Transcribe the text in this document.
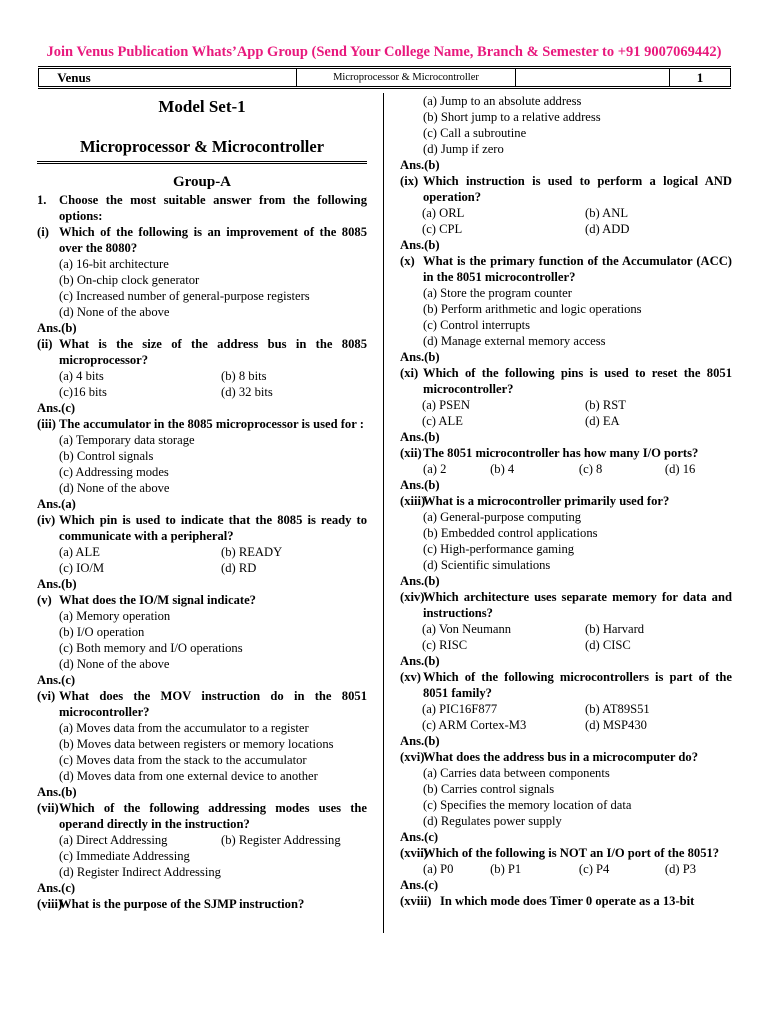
Join Venus Publication Whats’App Group (Send Your College Name, Branch & Semester to +91 9007069442)
Venus	Microprocessor & Microcontroller	1
Model Set-1
Microprocessor & Microcontroller
Group-A
1. Choose the most suitable answer from the following options:
(i) Which of the following is an improvement of the 8085 over the 8080?
(a) 16-bit architecture
(b) On-chip clock generator
(c) Increased number of general-purpose registers
(d) None of the above
Ans.(b)
(ii) What is the size of the address bus in the 8085 microprocessor?
(a) 4 bits	(b) 8 bits
(c)16 bits	(d) 32 bits
Ans.(c)
(iii) The accumulator in the 8085 microprocessor is used for :
(a) Temporary data storage
(b) Control signals
(c) Addressing modes
(d) None of the above
Ans.(a)
(iv) Which pin is used to indicate that the 8085 is ready to communicate with a peripheral?
(a) ALE	(b) READY
(c) IO/M	(d) RD
Ans.(b)
(v) What does the IO/M signal indicate?
(a) Memory operation
(b) I/O operation
(c) Both memory and I/O operations
(d) None of the above
Ans.(c)
(vi) What does the MOV instruction do in the 8051 microcontroller?
(a) Moves data from the accumulator to a register
(b) Moves data between registers or memory locations
(c) Moves data from the stack to the accumulator
(d) Moves data from one external device to another
Ans.(b)
(vii) Which of the following addressing modes uses the operand directly in the instruction?
(a) Direct Addressing	(b) Register Addressing
(c) Immediate Addressing
(d) Register Indirect Addressing
Ans.(c)
(viii)
What is the purpose of the SJMP instruction?
(a) Jump to an absolute address
(b) Short jump to a relative address
(c) Call a subroutine
(d) Jump if zero
Ans.(b)
(ix) Which instruction is used to perform a logical AND operation?
(a) ORL	(b) ANL
(c) CPL	(d) ADD
Ans.(b)
(x) What is the primary function of the Accumulator (ACC) in the 8051 microcontroller?
(a) Store the program counter
(b) Perform arithmetic and logic operations
(c) Control interrupts
(d) Manage external memory access
Ans.(b)
(xi) Which of the following pins is used to reset the 8051 microcontroller?
(a) PSEN	(b) RST
(c) ALE	(d) EA
Ans.(b)
(xii) The 8051 microcontroller has how many I/O ports?
(a) 2	(b) 4	(c) 8	(d) 16
Ans.(b)
(xiii)
What is a microcontroller primarily used for?
(a) General-purpose computing
(b) Embedded control applications
(c) High-performance gaming
(d) Scientific simulations
Ans.(b)
(xiv)
Which architecture uses separate memory for data and instructions?
(a) Von Neumann	(b) Harvard
(c) RISC	(d) CISC
Ans.(b)
(xv) Which of the following microcontrollers is part of the 8051 family?
(a) PIC16F877	(b) AT89S51
(c) ARM Cortex-M3	(d) MSP430
Ans.(b)
(xvi)
What does the address bus in a microcomputer do?
(a) Carries data between components
(b) Carries control signals
(c) Specifies the memory location of data
(d) Regulates power supply
Ans.(c)
(xvii)
Which of the following is NOT an I/O port of the 8051?
(a) P0	(b) P1	(c) P4	(d) P3
Ans.(c)
(xviii) In which mode does Timer 0 operate as a 13-bit
